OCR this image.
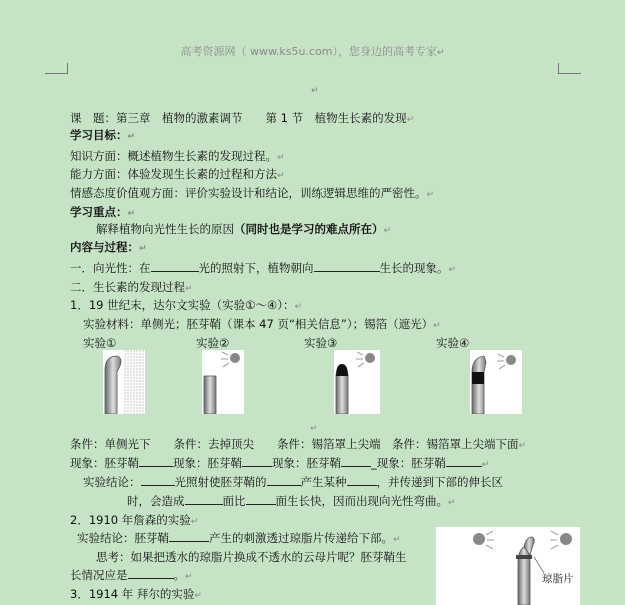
高考资源网（ www.ks5u.com），您身边的高考专家↵
↵
课　题：第三章　植物的激素调节　　第 1 节　植物生长素的发现↵
学习目标：↵
知识方面：概述植物生长素的发现过程。↵
能力方面：体验发现生长素的过程和方法↵
情感态度价值观方面：评价实验设计和结论，训练逻辑思维的严密性。↵
学习重点：↵
解释植物向光性生长的原因（同时也是学习的难点所在）↵
内容与过程：↵
一．向光性：在	光的照射下，植物朝向	生长的现象。↵
二．生长素的发现过程↵
1．19 世纪末，达尔文实验（实验①～④）：↵
实验材料：单侧光；胚芽鞘（课本 47 页“相关信息”）；锡箔（遮光）↵
实验①	实验②	实验③	实验④
↵
条件：单侧光下　　条件：去掉顶尖　　条件：锡箔罩上尖端　条件：锡箔罩上尖端下面↵
现象：胚芽鞘	现象：胚芽鞘	现象：胚芽鞘	_现象：胚芽鞘	↵
实验结论：	光照射使胚芽鞘的	产生某种	，并传递到下部的伸长区
时，会造成	面比	面生长快，因而出现向光性弯曲。↵
2．1910 年詹森的实验↵
实验结论：胚芽鞘	产生的刺激透过琼脂片传递给下部。↵
思考：如果把透水的琼脂片换成不透水的云母片呢？胚芽鞘生
长情况应是	。↵
3．1914 年 拜尔的实验↵
琼脂片
